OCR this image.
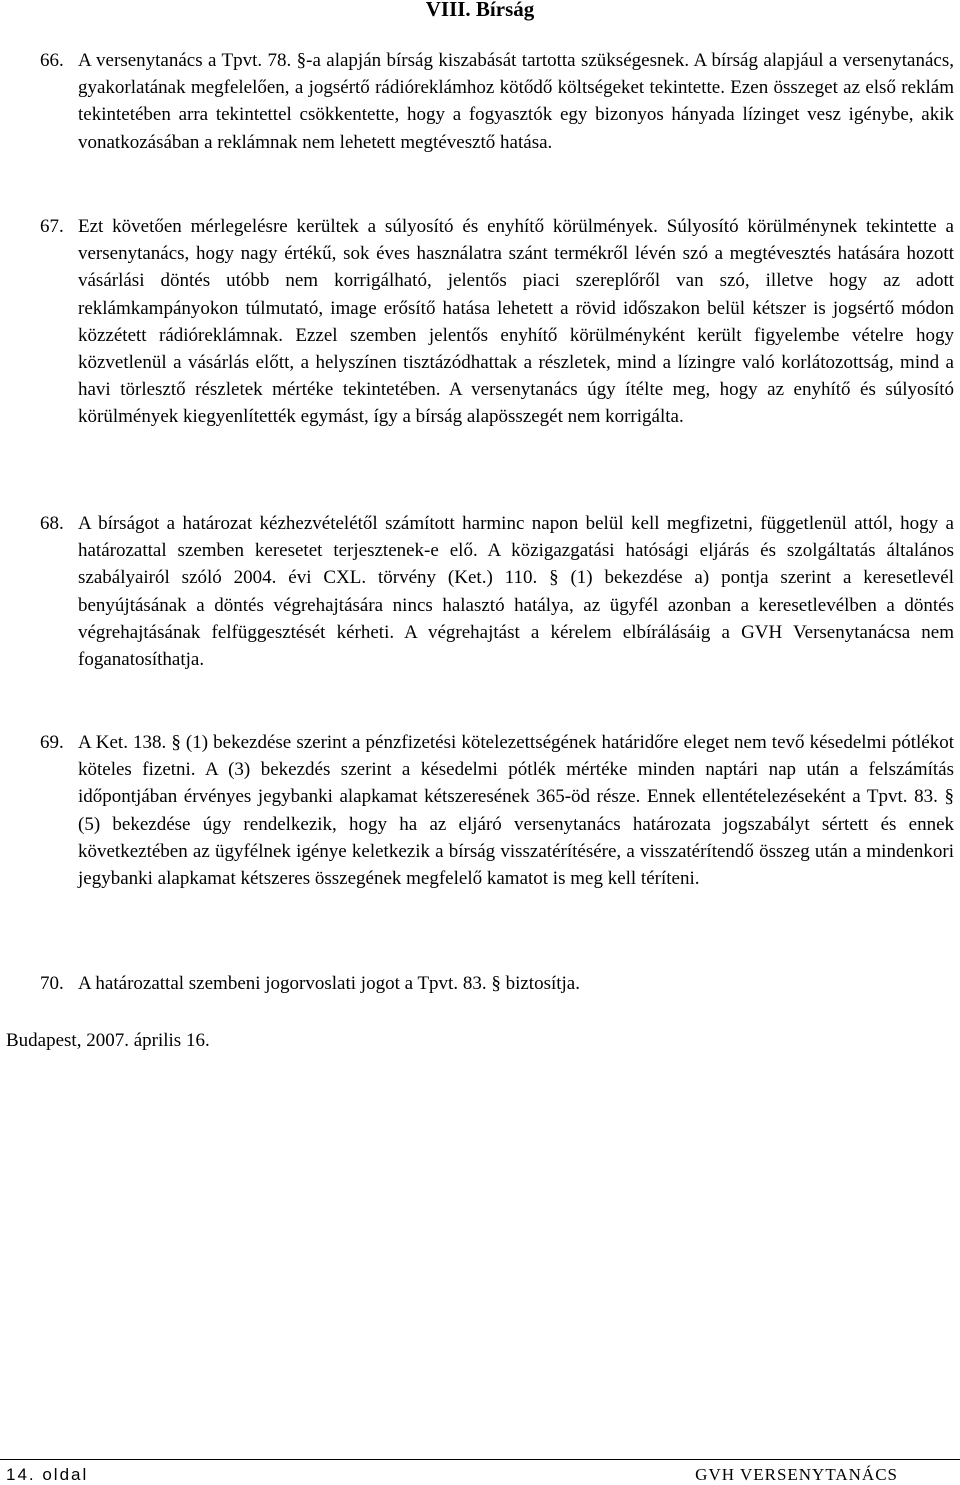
VIII. Bírság
66. A versenytanács a Tpvt. 78. §-a alapján bírság kiszabását tartotta szükségesnek. A bírság alapjául a versenytanács, gyakorlatának megfelelően, a jogsértő rádióreklámhoz kötődő költségeket tekintette. Ezen összeget az első reklám tekintetében arra tekintettel csökkentette, hogy a fogyasztók egy bizonyos hányada lízinget vesz igénybe, akik vonatkozásában a reklámnak nem lehetett megtévesztő hatása.
67. Ezt követően mérlegelésre kerültek a súlyosító és enyhítő körülmények. Súlyosító körülménynek tekintette a versenytanács, hogy nagy értékű, sok éves használatra szánt termékről lévén szó a megtévesztés hatására hozott vásárlási döntés utóbb nem korrigálható, jelentős piaci szereplőről van szó, illetve hogy az adott reklámkampányokon túlmutató, image erősítő hatása lehetett a rövid időszakon belül kétszer is jogsértő módon közzétett rádióreklámnak. Ezzel szemben jelentős enyhítő körülményként került figyelembe vételre hogy közvetlenül a vásárlás előtt, a helyszínen tisztázódhattak a részletek, mind a lízingre való korlátozottság, mind a havi törlesztő részletek mértéke tekintetében. A versenytanács úgy ítélte meg, hogy az enyhítő és súlyosító körülmények kiegyenlítették egymást, így a bírság alapösszegét nem korrigálta.
68. A bírságot a határozat kézhezvételétől számított harminc napon belül kell megfizetni, függetlenül attól, hogy a határozattal szemben keresetet terjesztenek-e elő. A közigazgatási hatósági eljárás és szolgáltatás általános szabályairól szóló 2004. évi CXL. törvény (Ket.) 110. § (1) bekezdése a) pontja szerint a keresetlevél benyújtásának a döntés végrehajtására nincs halasztó hatálya, az ügyfél azonban a keresetlevélben a döntés végrehajtásának felfüggesztését kérheti. A végrehajtást a kérelem elbírálásáig a GVH Versenytanácsa nem foganatosíthatja.
69. A Ket. 138. § (1) bekezdése szerint a pénzfizetési kötelezettségének határidőre eleget nem tevő késedelmi pótlékot köteles fizetni. A (3) bekezdés szerint a késedelmi pótlék mértéke minden naptári nap után a felszámítás időpontjában érvényes jegybanki alapkamat kétszeresének 365-öd része. Ennek ellentételezéseként a Tpvt. 83. § (5) bekezdése úgy rendelkezik, hogy ha az eljáró versenytanács határozata jogszabályt sértett és ennek következtében az ügyfélnek igénye keletkezik a bírság visszatérítésére, a visszatérítendő összeg után a mindenkori jegybanki alapkamat kétszeres összegének megfelelő kamatot is meg kell téríteni.
70. A határozattal szembeni jogorvoslati jogot a Tpvt. 83. § biztosítja.

Budapest, 2007. április 16.

14. oldal	GVH VERSENYTANÁCS
